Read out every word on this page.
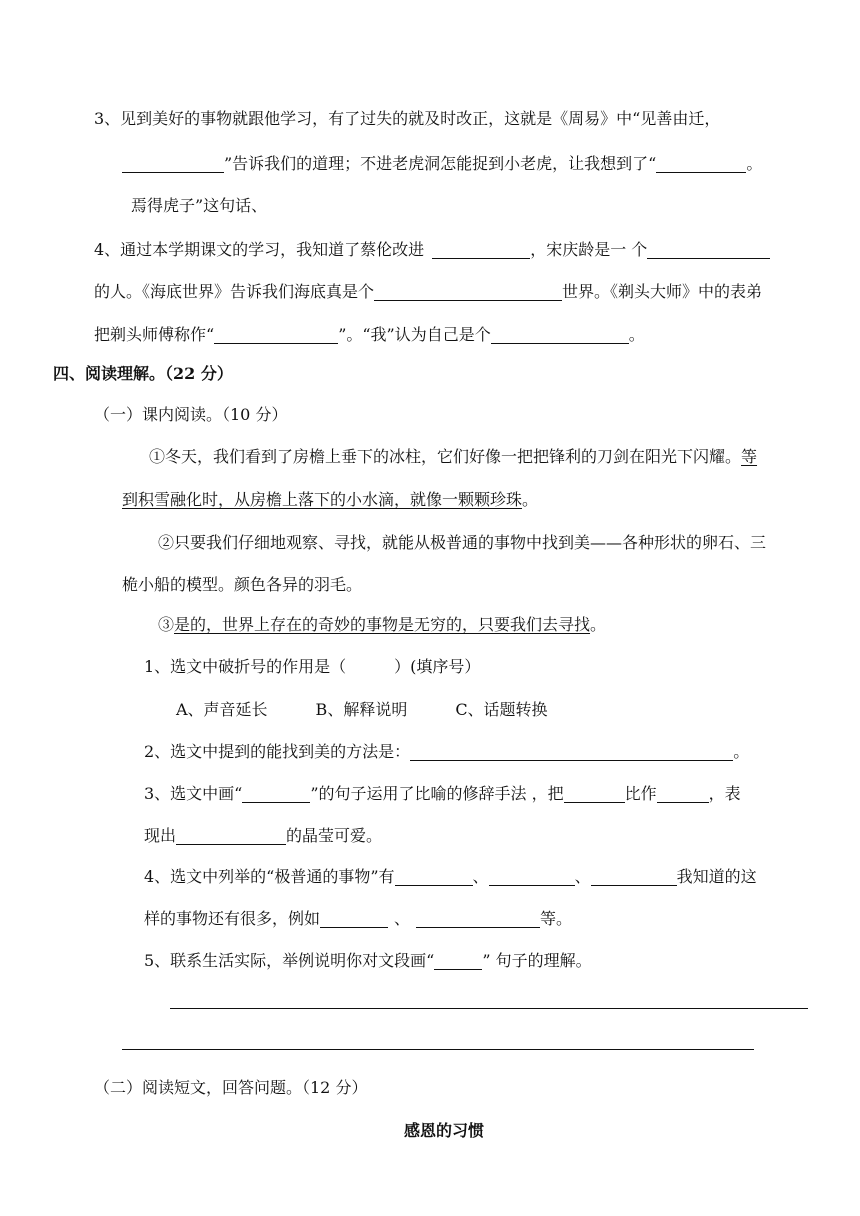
3、见到美好的事物就跟他学习，有了过失的就及时改正，这就是《周易》中“见善由迁，
”告诉我们的道理；不进老虎洞怎能捉到小老虎，让我想到了“	。
焉得虎子”这句话、
4、通过本学期课文的学习，我知道了蔡伦改进	，宋庆龄是一 个
的人。《海底世界》告诉我们海底真是个	世界。《剃头大师》中的表弟
把剃头师傅称作“	”。“我”认为自己是个	。
四、阅读理解。（22 分）
（一）课内阅读。（10 分）
①冬天，我们看到了房檐上垂下的冰柱，它们好像一把把锋利的刀剑在阳光下闪耀。等
到积雪融化时，从房檐上落下的小水滴，就像一颗颗珍珠。
②只要我们仔细地观察、寻找，就能从极普通的事物中找到美——各种形状的卵石、三
桅小船的模型。颜色各异的羽毛。
③是的，世界上存在的奇妙的事物是无穷的，只要我们去寻找。
1、选文中破折号的作用是（　　　）(填序号）
A、声音延长　　　B、解释说明　　　C、话题转换
2、选文中提到的能找到美的方法是：	。
3、选文中画“	”的句子运用了比喻的修辞手法 ，把	比作	，表
现出	的晶莹可爱。
4、选文中列举的“极普通的事物”有	、	、	我知道的这
样的事物还有很多，例如	、	等。
5、联系生活实际，举例说明你对文段画“	” 句子的理解。
（二）阅读短文，回答问题。（12 分）
感恩的习惯
